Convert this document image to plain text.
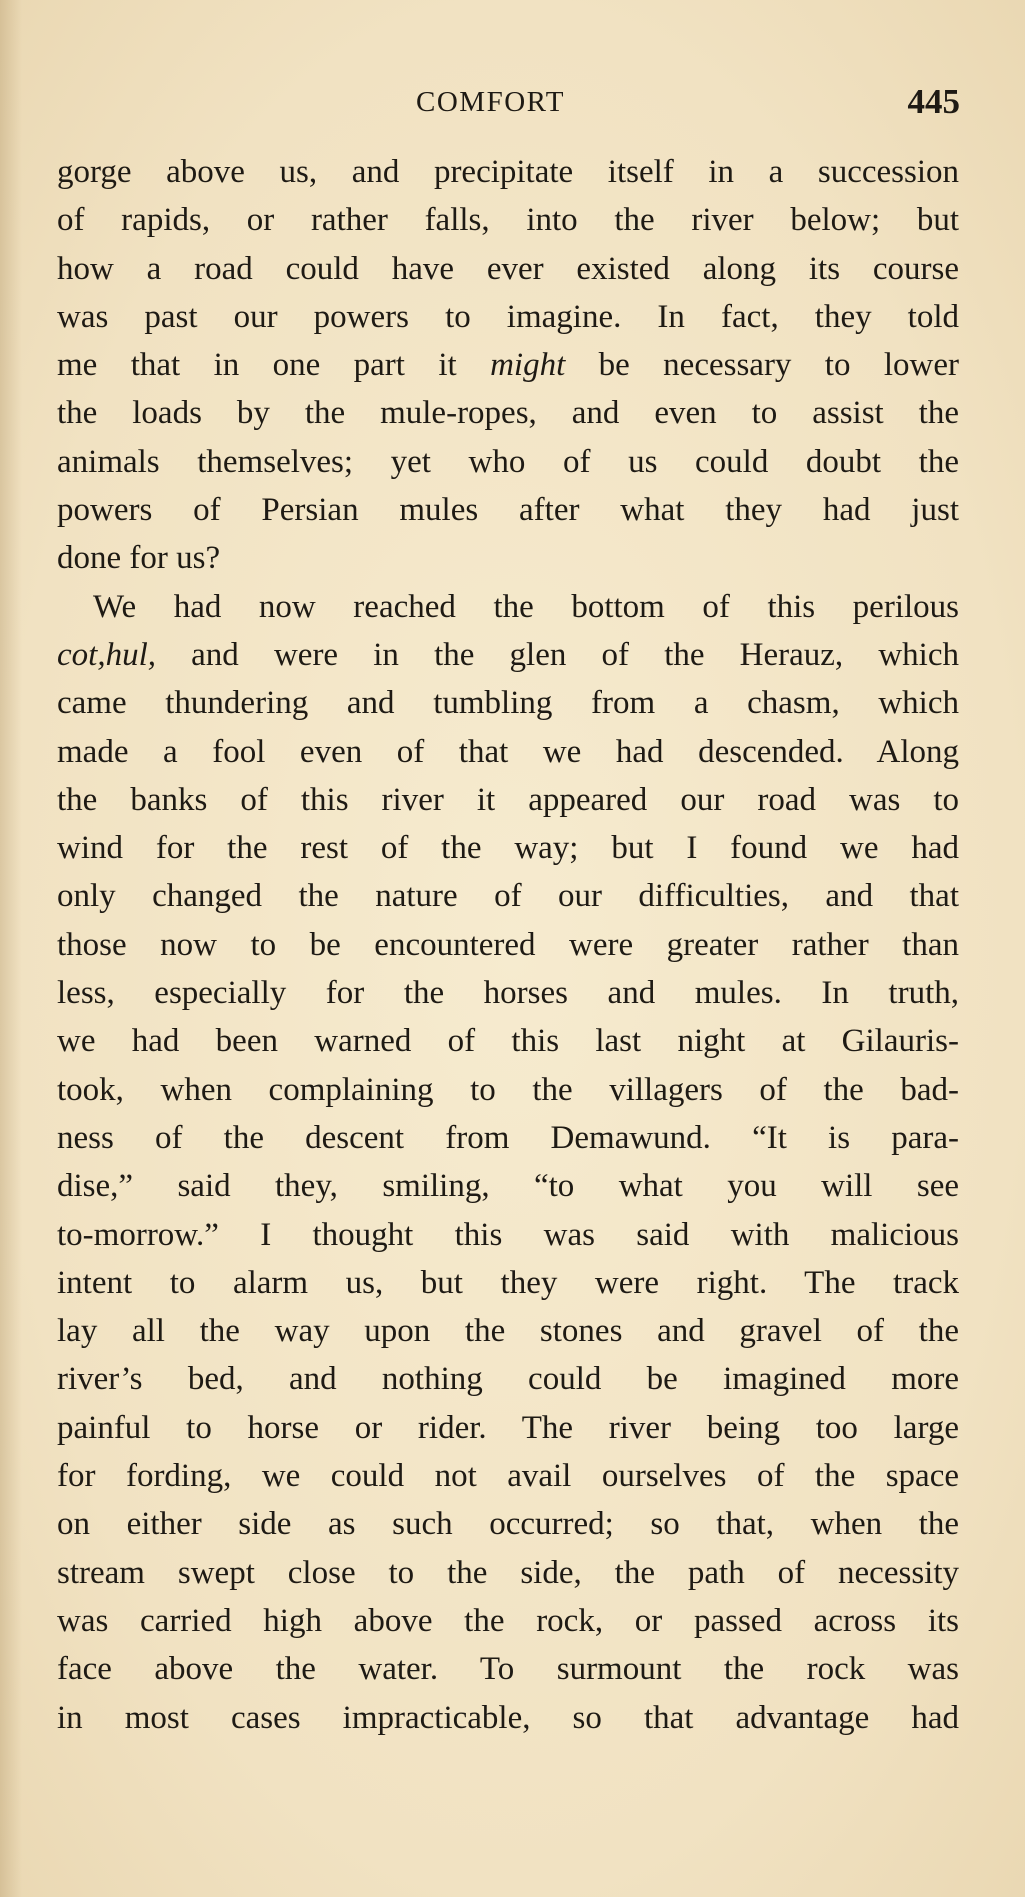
COMFORT	445
gorge above us, and precipitate itself in a succession
of rapids, or rather falls, into the river below; but
how a road could have ever existed along its course
was past our powers to imagine. In fact, they told
me that in one part it might be necessary to lower
the loads by the mule-ropes, and even to assist the
animals themselves; yet who of us could doubt the
powers of Persian mules after what they had just
done for us?
We had now reached the bottom of this perilous
cot,hul, and were in the glen of the Herauz, which
came thundering and tumbling from a chasm, which
made a fool even of that we had descended. Along
the banks of this river it appeared our road was to
wind for the rest of the way; but I found we had
only changed the nature of our difficulties, and that
those now to be encountered were greater rather than
less, especially for the horses and mules. In truth,
we had been warned of this last night at Gilauris-
took, when complaining to the villagers of the bad-
ness of the descent from Demawund. “It is para-
dise,” said they, smiling, “to what you will see
to-morrow.” I thought this was said with malicious
intent to alarm us, but they were right. The track
lay all the way upon the stones and gravel of the
river’s bed, and nothing could be imagined more
painful to horse or rider. The river being too large
for fording, we could not avail ourselves of the space
on either side as such occurred; so that, when the
stream swept close to the side, the path of necessity
was carried high above the rock, or passed across its
face above the water. To surmount the rock was
in most cases impracticable, so that advantage had
